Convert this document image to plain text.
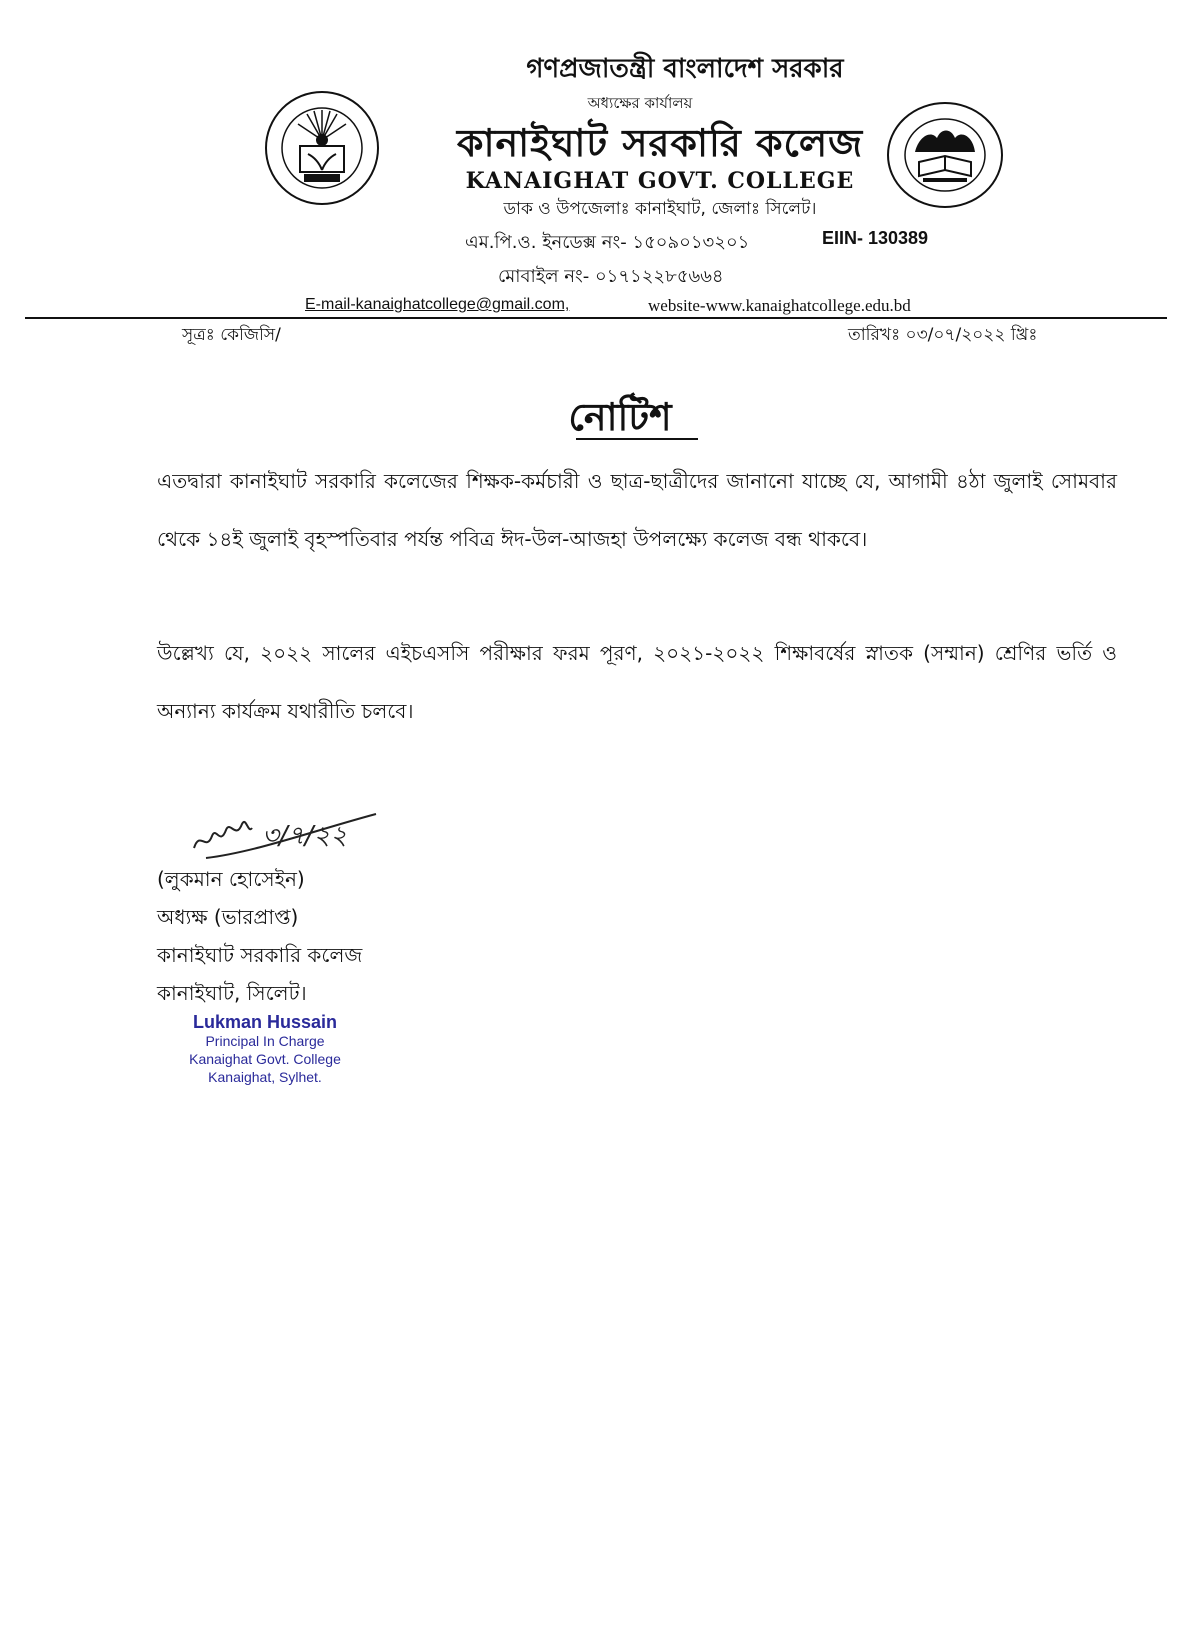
গণপ্রজাতন্ত্রী বাংলাদেশ সরকার
অধ্যক্ষের কার্যালয়
কানাইঘাট সরকারি কলেজ
KANAIGHAT GOVT. COLLEGE
ডাক ও উপজেলাঃ কানাইঘাট, জেলাঃ সিলেট।
এম.পি.ও. ইনডেক্স নং- ১৫০৯০১৩২০১	EIIN- 130389
মোবাইল নং- ০১৭১২২৮৫৬৬৪
E-mail-kanaighatcollege@gmail.com,	website-www.kanaighatcollege.edu.bd
সূত্রঃ কেজিসি/	তারিখঃ ০৩/০৭/২০২২ খ্রিঃ
নোটিশ
এতদ্বারা কানাইঘাট সরকারি কলেজের শিক্ষক-কর্মচারী ও ছাত্র-ছাত্রীদের জানানো যাচ্ছে যে, আগামী ৪ঠা জুলাই সোমবার থেকে ১৪ই জুলাই বৃহস্পতিবার পর্যন্ত পবিত্র ঈদ-উল-আজহা উপলক্ষ্যে কলেজ বন্ধ থাকবে।
উল্লেখ্য যে, ২০২২ সালের এইচএসসি পরীক্ষার ফরম পূরণ, ২০২১-২০২২ শিক্ষাবর্ষের স্নাতক (সম্মান) শ্রেণির ভর্তি ও অন্যান্য কার্যক্রম যথারীতি চলবে।
৩/৭/২২
(লুকমান হোসেইন)
অধ্যক্ষ (ভারপ্রাপ্ত)
কানাইঘাট সরকারি কলেজ
কানাইঘাট, সিলেট।
Lukman Hussain
Principal In Charge
Kanaighat Govt. College
Kanaighat, Sylhet.
